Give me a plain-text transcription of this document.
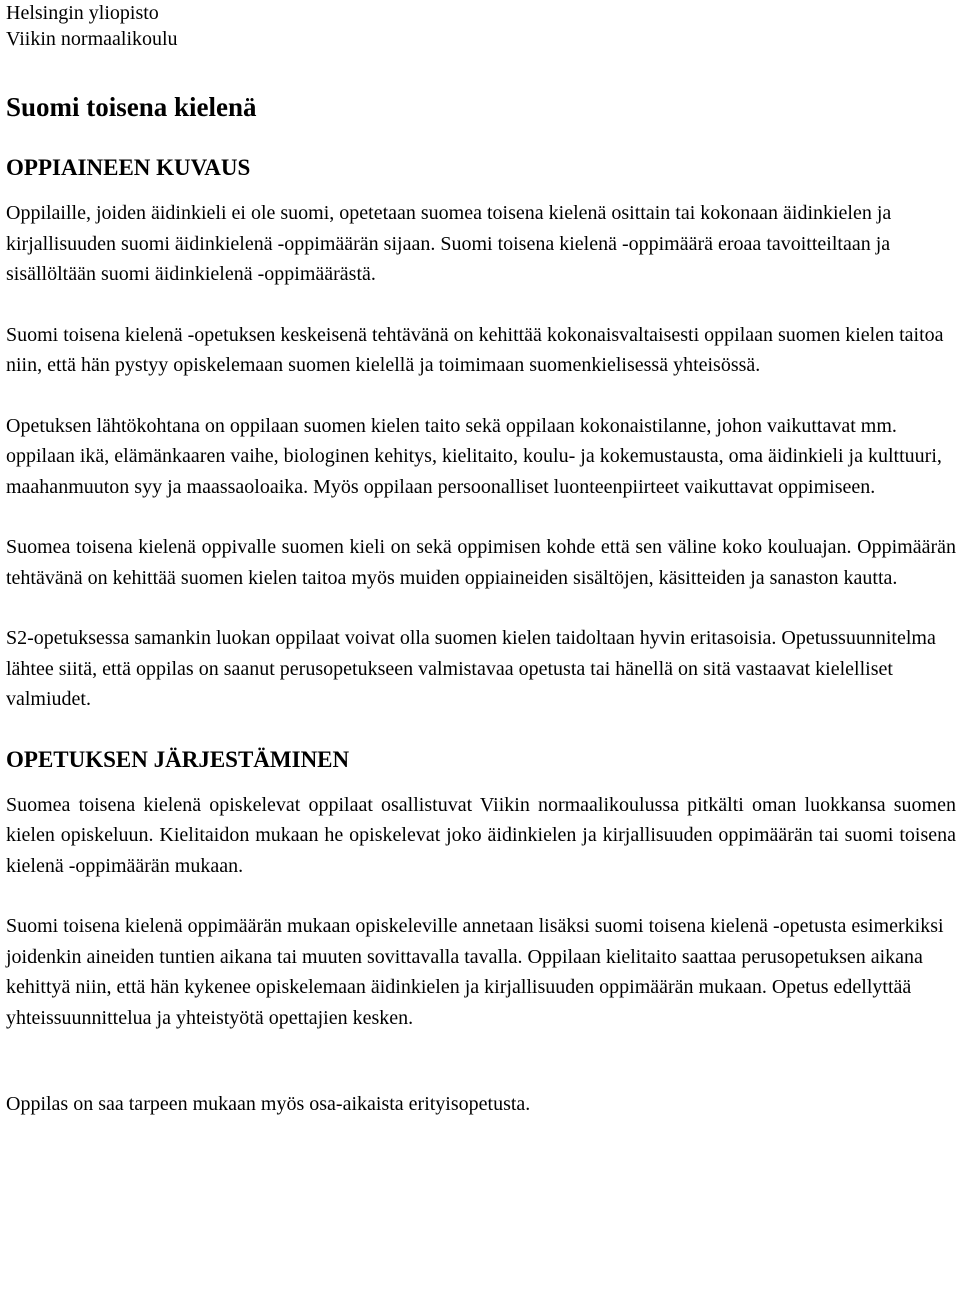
Helsingin yliopisto

Viikin normaalikoulu

Suomi toisena kielenä
OPPIAINEEN KUVAUS

Oppilaille, joiden äidinkieli ei ole suomi, opetetaan suomea toisena kielenä osittain tai kokonaan äidinkielen ja kirjallisuuden suomi äidinkielenä -oppimäärän sijaan. Suomi toisena kielenä -oppimäärä eroaa tavoitteiltaan ja sisällöltään suomi äidinkielenä -oppimäärästä.

Suomi toisena kielenä -opetuksen keskeisenä tehtävänä on kehittää kokonaisvaltaisesti oppilaan suomen kielen taitoa niin, että hän pystyy opiskelemaan suomen kielellä ja toimimaan suomenkielisessä yhteisössä.

Opetuksen lähtökohtana on oppilaan suomen kielen taito sekä oppilaan kokonaistilanne, johon vaikuttavat mm. oppilaan ikä, elämänkaaren vaihe, biologinen kehitys, kielitaito, koulu- ja kokemustausta, oma äidinkieli ja kulttuuri, maahanmuuton syy ja maassaoloaika. Myös oppilaan persoonalliset luonteenpiirteet vaikuttavat oppimiseen.

Suomea toisena kielenä oppivalle suomen kieli on sekä oppimisen kohde että sen väline koko kouluajan. Oppimäärän tehtävänä on kehittää suomen kielen taitoa myös muiden oppiaineiden sisältöjen, käsitteiden ja sanaston kautta.

S2-opetuksessa samankin luokan oppilaat voivat olla suomen kielen taidoltaan hyvin eritasoisia. Opetussuunnitelma lähtee siitä, että oppilas on saanut perusopetukseen valmistavaa opetusta tai hänellä on sitä vastaavat kielelliset valmiudet.

OPETUKSEN JÄRJESTÄMINEN

Suomea toisena kielenä opiskelevat oppilaat osallistuvat Viikin normaalikoulussa pitkälti oman luokkansa suomen kielen opiskeluun. Kielitaidon mukaan he opiskelevat joko äidinkielen ja kirjallisuuden oppimäärän tai suomi toisena kielenä -oppimäärän mukaan.

Suomi toisena kielenä oppimäärän mukaan opiskeleville annetaan lisäksi suomi toisena kielenä -opetusta esimerkiksi joidenkin aineiden tuntien aikana tai muuten sovittavalla tavalla. Oppilaan kielitaito saattaa perusopetuksen aikana kehittyä niin, että hän kykenee opiskelemaan äidinkielen ja kirjallisuuden oppimäärän mukaan. Opetus edellyttää yhteissuunnittelua ja yhteistyötä opettajien kesken.

Oppilas on saa tarpeen mukaan myös osa-aikaista erityisopetusta.
